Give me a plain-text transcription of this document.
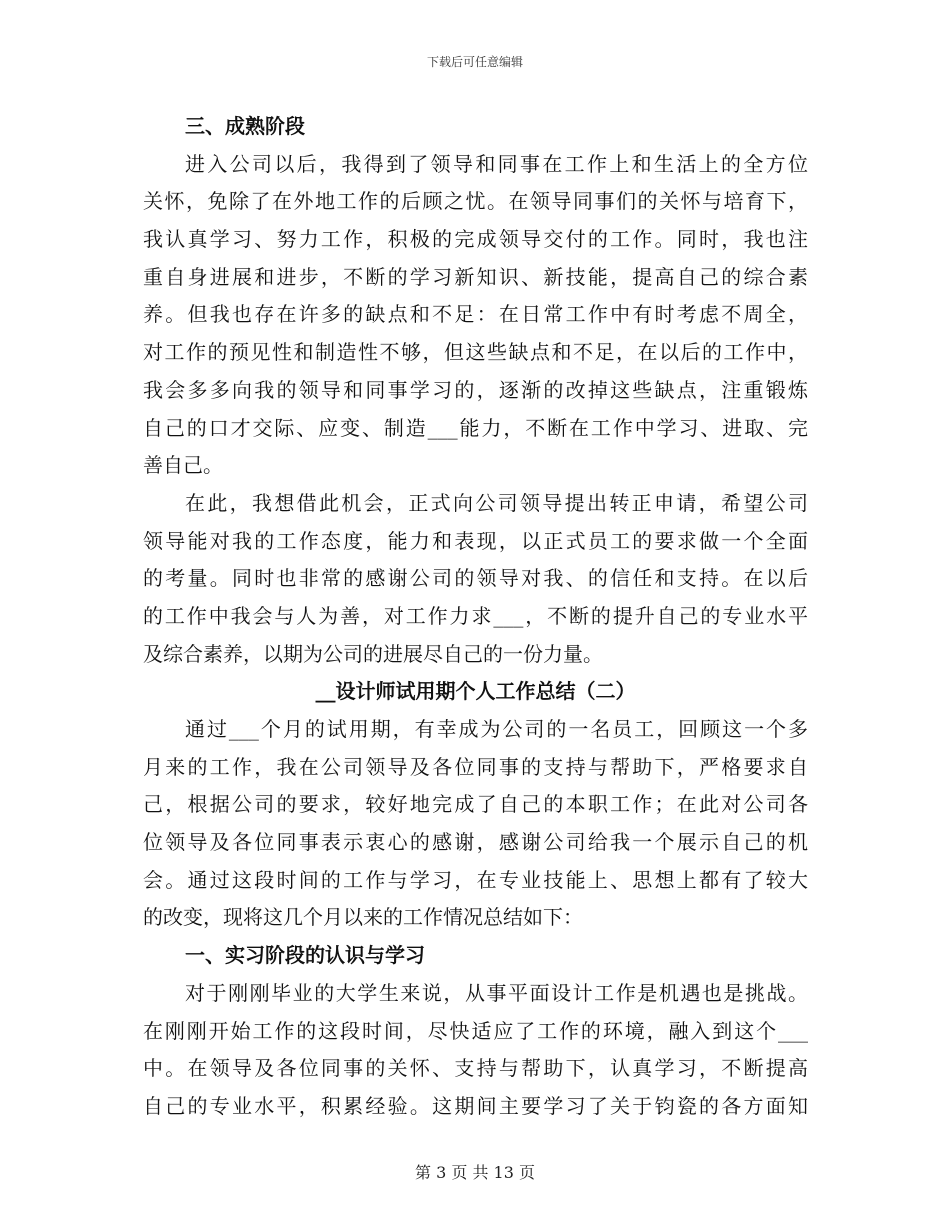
下载后可任意编辑
三、成熟阶段
进入公司以后，我得到了领导和同事在工作上和生活上的全方位
关怀，免除了在外地工作的后顾之忧。在领导同事们的关怀与培育下，
我认真学习、努力工作，积极的完成领导交付的工作。同时，我也注
重自身进展和进步，不断的学习新知识、新技能，提高自己的综合素
养。但我也存在许多的缺点和不足：在日常工作中有时考虑不周全，
对工作的预见性和制造性不够，但这些缺点和不足，在以后的工作中，
我会多多向我的领导和同事学习的，逐渐的改掉这些缺点，注重锻炼
自己的口才交际、应变、制造___能力，不断在工作中学习、进取、完
善自己。
在此，我想借此机会，正式向公司领导提出转正申请，希望公司
领导能对我的工作态度，能力和表现，以正式员工的要求做一个全面
的考量。同时也非常的感谢公司的领导对我、的信任和支持。在以后
的工作中我会与人为善，对工作力求___，不断的提升自己的专业水平
及综合素养，以期为公司的进展尽自己的一份力量。
__设计师试用期个人工作总结（二）
通过___个月的试用期，有幸成为公司的一名员工，回顾这一个多
月来的工作，我在公司领导及各位同事的支持与帮助下，严格要求自
己，根据公司的要求，较好地完成了自己的本职工作；在此对公司各
位领导及各位同事表示衷心的感谢，感谢公司给我一个展示自己的机
会。通过这段时间的工作与学习，在专业技能上、思想上都有了较大
的改变，现将这几个月以来的工作情况总结如下：
一、实习阶段的认识与学习
对于刚刚毕业的大学生来说，从事平面设计工作是机遇也是挑战。
在刚刚开始工作的这段时间，尽快适应了工作的环境，融入到这个___
中。在领导及各位同事的关怀、支持与帮助下，认真学习，不断提高
自己的专业水平，积累经验。这期间主要学习了关于钧瓷的各方面知
第 3 页 共 13 页
